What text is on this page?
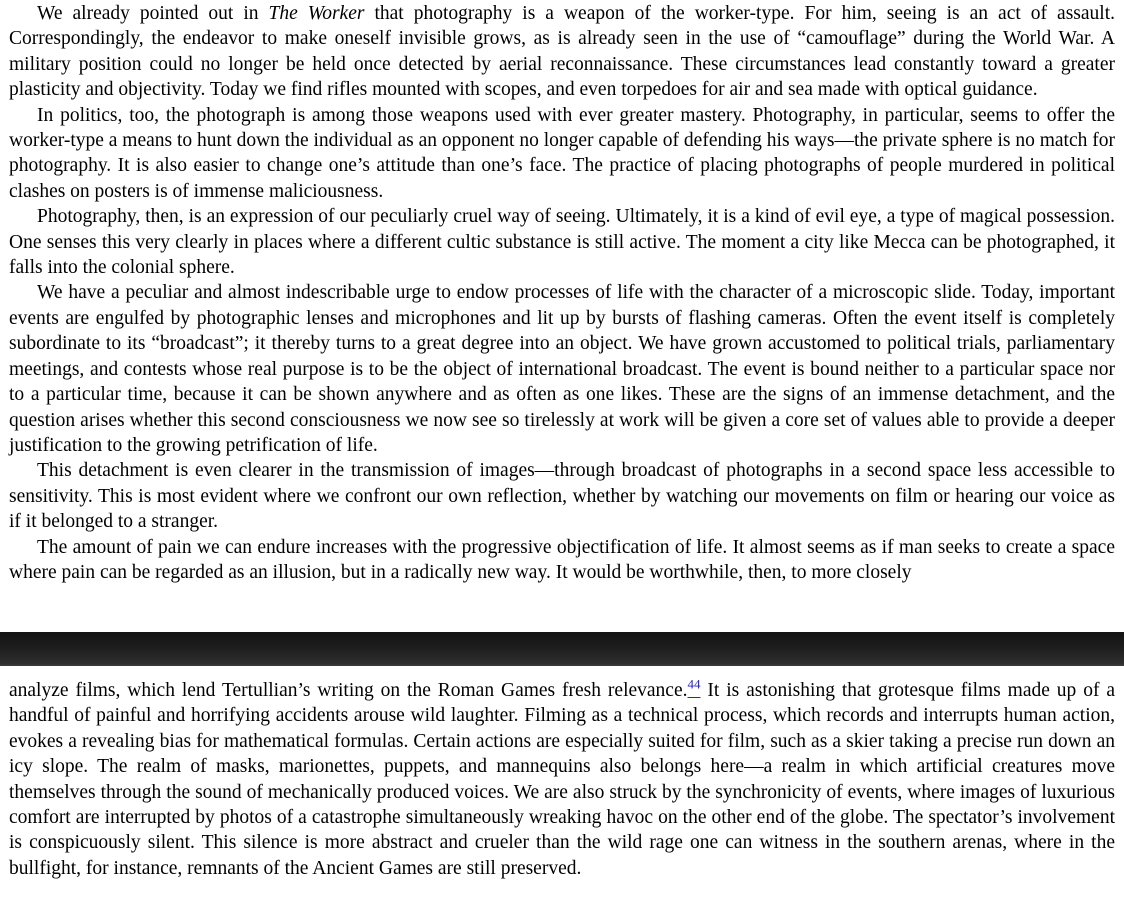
We already pointed out in The Worker that photography is a weapon of the worker-type. For him, seeing is an act of assault. Correspondingly, the endeavor to make oneself invisible grows, as is already seen in the use of “camouflage” during the World War. A military position could no longer be held once detected by aerial reconnaissance. These circumstances lead constantly toward a greater plasticity and objectivity. Today we find rifles mounted with scopes, and even torpedoes for air and sea made with optical guidance.

In politics, too, the photograph is among those weapons used with ever greater mastery. Photography, in particular, seems to offer the worker-type a means to hunt down the individual as an opponent no longer capable of defending his ways—the private sphere is no match for photography. It is also easier to change one’s attitude than one’s face. The practice of placing photographs of people murdered in political clashes on posters is of immense maliciousness.

Photography, then, is an expression of our peculiarly cruel way of seeing. Ultimately, it is a kind of evil eye, a type of magical possession. One senses this very clearly in places where a different cultic substance is still active. The moment a city like Mecca can be photographed, it falls into the colonial sphere.

We have a peculiar and almost indescribable urge to endow processes of life with the character of a microscopic slide. Today, important events are engulfed by photographic lenses and microphones and lit up by bursts of flashing cameras. Often the event itself is completely subordinate to its “broadcast”; it thereby turns to a great degree into an object. We have grown accustomed to political trials, parliamentary meetings, and contests whose real purpose is to be the object of international broadcast. The event is bound neither to a particular space nor to a particular time, because it can be shown anywhere and as often as one likes. These are the signs of an immense detachment, and the question arises whether this second consciousness we now see so tirelessly at work will be given a core set of values able to provide a deeper justification to the growing petrification of life.

This detachment is even clearer in the transmission of images—through broadcast of photographs in a second space less accessible to sensitivity. This is most evident where we confront our own reflection, whether by watching our movements on film or hearing our voice as if it belonged to a stranger.

The amount of pain we can endure increases with the progressive objectification of life. It almost seems as if man seeks to create a space where pain can be regarded as an illusion, but in a radically new way. It would be worthwhile, then, to more closely

analyze films, which lend Tertullian’s writing on the Roman Games fresh relevance.$^{44}$ It is astonishing that grotesque films made up of a handful of painful and horrifying accidents arouse wild laughter. Filming as a technical process, which records and interrupts human action, evokes a revealing bias for mathematical formulas. Certain actions are especially suited for film, such as a skier taking a precise run down an icy slope. The realm of masks, marionettes, puppets, and mannequins also belongs here—a realm in which artificial creatures move themselves through the sound of mechanically produced voices. We are also struck by the synchronicity of events, where images of luxurious comfort are interrupted by photos of a catastrophe simultaneously wreaking havoc on the other end of the globe. The spectator’s involvement is conspicuously silent. This silence is more abstract and crueler than the wild rage one can witness in the southern arenas, where in the bullfight, for instance, remnants of the Ancient Games are still preserved.
